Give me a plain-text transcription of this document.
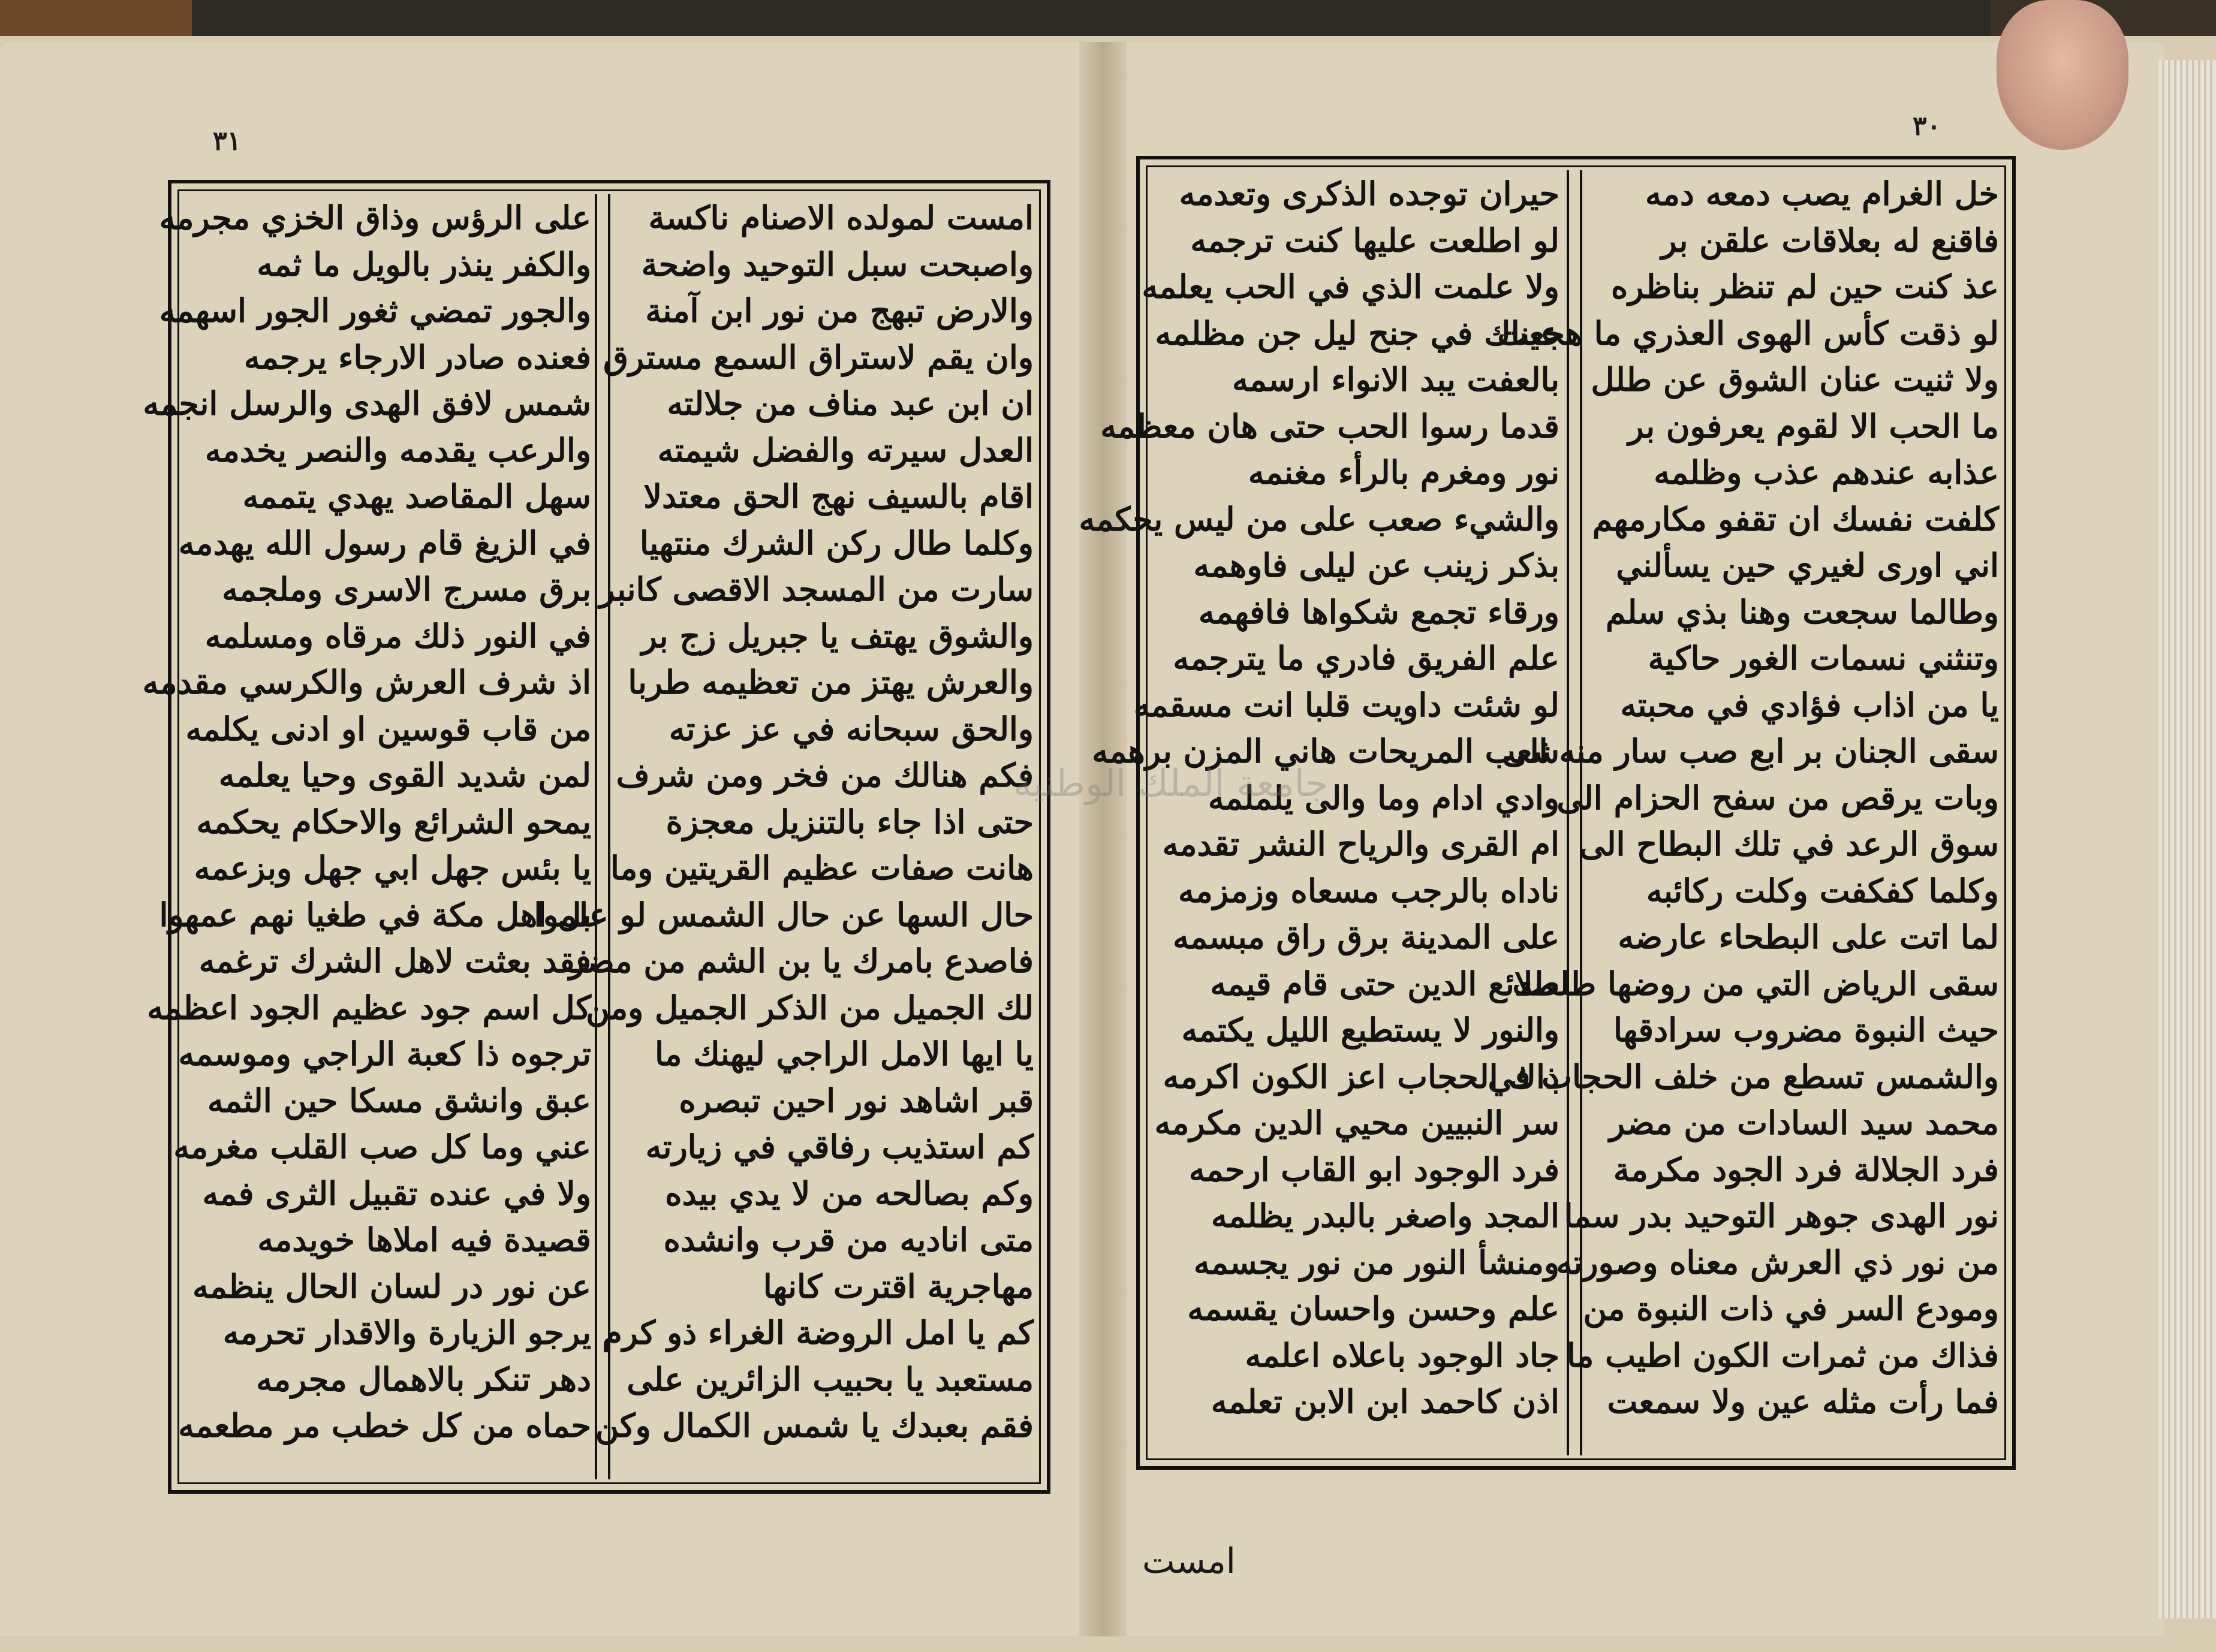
٣١	٣٠
امست لمولده الاصنام ناكسة
واصبحت سبل التوحيد واضحة
والارض تبهج من نور ابن آمنة
وان يقم لاستراق السمع مسترق
ان ابن عبد مناف من جلالته
العدل سيرته والفضل شيمته
اقام بالسيف نهج الحق معتدلا
وكلما طال ركن الشرك منتهيا
سارت من المسجد الاقصى كانبر
والشوق يهتف يا جبريل زج بر
والعرش يهتز من تعظيمه طربا
والحق سبحانه في عز عزته
فكم هنالك من فخر ومن شرف
حتى اذا جاء بالتنزيل معجزة
هانت صفات عظيم القريتين وما
حال السها عن حال الشمس لو علموا
فاصدع بامرك يا بن الشم من مضر
لك الجميل من الذكر الجميل ومن
يا ايها الامل الراجي ليهنك ما
قبر اشاهد نور احين تبصره
كم استذيب رفاقي في زيارته
وكم بصالحه من لا يدي بيده
متى اناديه من قرب وانشده
مهاجرية اقترت كانها
كم يا امل الروضة الغراء ذو كرم
مستعبد يا بحبيب الزائرين على
فقم بعبدك يا شمس الكمال وكن
على الرؤس وذاق الخزي مجرمه
والكفر ينذر بالويل ما ثمه
والجور تمضي ثغور الجور اسهمه
فعنده صادر الارجاء يرجمه
شمس لافق الهدى والرسل انجمه
والرعب يقدمه والنصر يخدمه
سهل المقاصد يهدي يتممه
في الزيغ قام رسول الله يهدمه
برق مسرج الاسرى وملجمه
في النور ذلك مرقاه ومسلمه
اذ شرف العرش والكرسي مقدمه
من قاب قوسين او ادنى يكلمه
لمن شديد القوى وحيا يعلمه
يمحو الشرائع والاحكام يحكمه
يا بئس جهل ابي جهل وبزعمه
بل اهل مكة في طغيا نهم عمهوا
فقد بعثت لاهل الشرك ترغمه
كل اسم جود عظيم الجود اعظمه
ترجوه ذا كعبة الراجي وموسمه
عبق وانشق مسكا حين الثمه
عني وما كل صب القلب مغرمه
ولا في عنده تقبيل الثرى فمه
قصيدة فيه املاها خويدمه
عن نور در لسان الحال ينظمه
يرجو الزيارة والاقدار تحرمه
دهر تنكر بالاهمال مجرمه
حماه من كل خطب مر مطعمه
خل الغرام يصب دمعه دمه
فاقنع له بعلاقات علقن بر
عذ كنت حين لم تنظر بناظره
لو ذقت كأس الهوى العذري ما هجعت
ولا ثنيت عنان الشوق عن طلل
ما الحب الا لقوم يعرفون بر
عذابه عندهم عذب وظلمه
كلفت نفسك ان تقفو مكارمهم
اني اورى لغيري حين يسألني
وطالما سجعت وهنا بذي سلم
وتنثني نسمات الغور حاكية
يا من اذاب فؤادي في محبته
سقى الجنان بر ابع صب سار منه الى
وبات يرقص من سفح الحزام الى
سوق الرعد في تلك البطاح الى
وكلما كفكفت وكلت ركائبه
لما اتت على البطحاء عارضه
سقى الرياض التي من روضها طلعت
حيث النبوة مضروب سرادقها
والشمس تسطع من خلف الحجاب في
محمد سيد السادات من مضر
فرد الجلالة فرد الجود مكرمة
نور الهدى جوهر التوحيد بدر سما
من نور ذي العرش معناه وصورته
ومودع السر في ذات النبوة من
فذاك من ثمرات الكون اطيب ما
فما رأت مثله عين ولا سمعت
حيران توجده الذكرى وتعدمه
لو اطلعت عليها كنت ترجمه
ولا علمت الذي في الحب يعلمه
عيناك في جنح ليل جن مظلمه
بالعفت يبد الانواء ارسمه
قدما رسوا الحب حتى هان معظمه
نور ومغرم بالرأء مغنمه
والشيء صعب على من ليس يحكمه
بذكر زينب عن ليلى فاوهمه
ورقاء تجمع شكواها فافهمه
علم الفريق فادري ما يترجمه
لو شئت داويت قلبا انت مسقمه
شعب المريحات هاني المزن برهمه
وادي ادام وما والى يلملمه
ام القرى والرياح النشر تقدمه
ناداه بالرجب مسعاه وزمزمه
على المدينة برق راق مبسمه
طلائع الدين حتى قام قيمه
والنور لا يستطيع الليل يكتمه
ذاك الحجاب اعز الكون اكرمه
سر النبيين محيي الدين مكرمه
فرد الوجود ابو القاب ارحمه
المجد واصغر بالبدر يظلمه
ومنشأ النور من نور يجسمه
علم وحسن واحسان يقسمه
جاد الوجود باعلاه اعلمه
اذن كاحمد ابن الابن تعلمه
امست
جامعة الملك الوطنية
